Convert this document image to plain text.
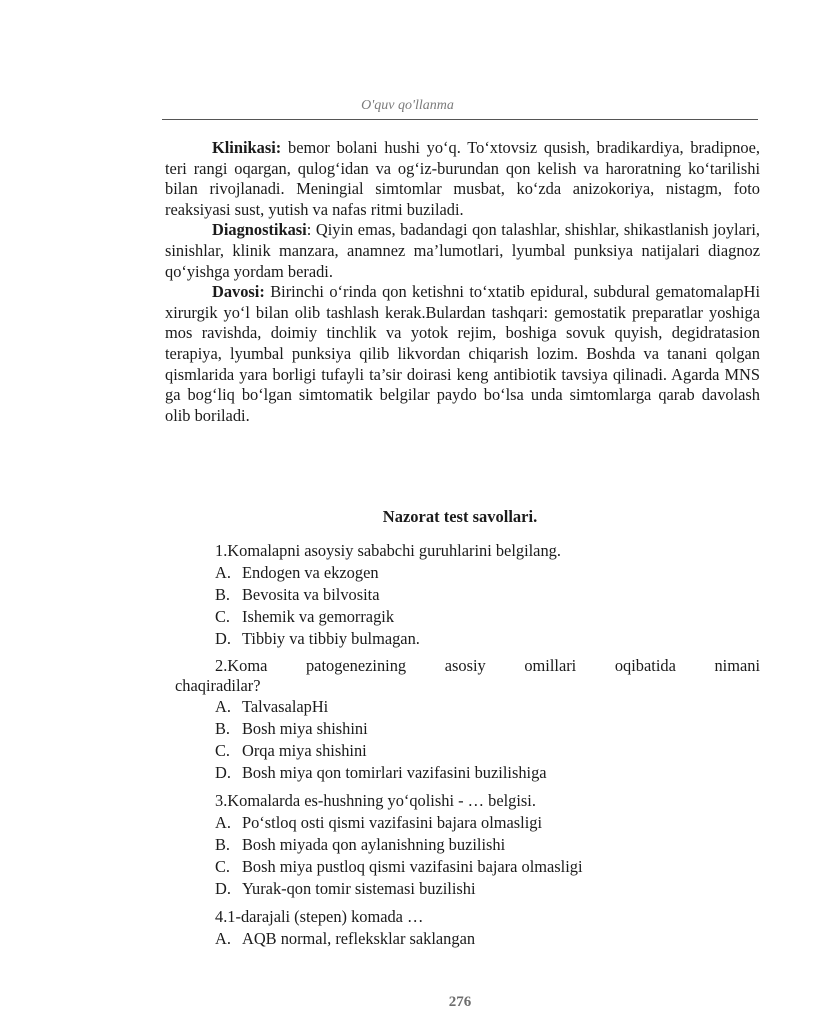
O'quv qo'llanma

Klinikasi: bemor bolani hushi yo‘q. To‘xtovsiz qusish, bradikardiya, bradipnoe, teri rangi oqargan, qulog‘idan va og‘iz-burundan qon kelish va haroratning ko‘tarilishi bilan rivojlanadi. Meningial simtomlar musbat, ko‘zda anizokoriya, nistagm, foto reaksiyasi sust, yutish va nafas ritmi buziladi.

Diagnostikasi: Qiyin emas, badandagi qon talashlar, shishlar, shikastlanish joylari, sinishlar, klinik manzara, anamnez ma’lumotlari, lyumbal punksiya natijalari diagnoz qo‘yishga yordam beradi.

Davosi: Birinchi o‘rinda qon ketishni to‘xtatib epidural, subdural gematomalapHi xirurgik yo‘l bilan olib tashlash kerak.Bulardan tashqari: gemostatik preparatlar yoshiga mos ravishda, doimiy tinchlik va yotok rejim, boshiga sovuk quyish, degidratasion terapiya, lyumbal punksiya qilib likvordan chiqarish lozim. Boshda va tanani qolgan qismlarida yara borligi tufayli ta’sir doirasi keng antibiotik tavsiya qilinadi. Agarda MNS ga bog‘liq bo‘lgan simtomatik belgilar paydo bo‘lsa unda simtomlarga qarab davolash olib boriladi.

Nazorat test savollari.
1.Komalapni asoysiy sababchi guruhlarini belgilang.
A. Endogen va ekzogen
B. Bevosita va bilvosita
C. Ishemik va gemorragik
D. Tibbiy va tibbiy bulmagan.
2.Koma patogenezining asosiy omillari oqibatida nimani
chaqiradilar?
A. TalvasalapHi
B. Bosh miya shishini
C. Orqa miya shishini
D. Bosh miya qon tomirlari vazifasini buzilishiga
3.Komalarda es-hushning yo‘qolishi - … belgisi.
A. Po‘stloq osti qismi vazifasini bajara olmasligi
B. Bosh miyada qon aylanishning buzilishi
C. Bosh miya pustloq qismi vazifasini bajara olmasligi
D. Yurak-qon tomir sistemasi buzilishi
4.1-darajali (stepen) komada …
A. AQB normal, refleksklar saklangan
276
